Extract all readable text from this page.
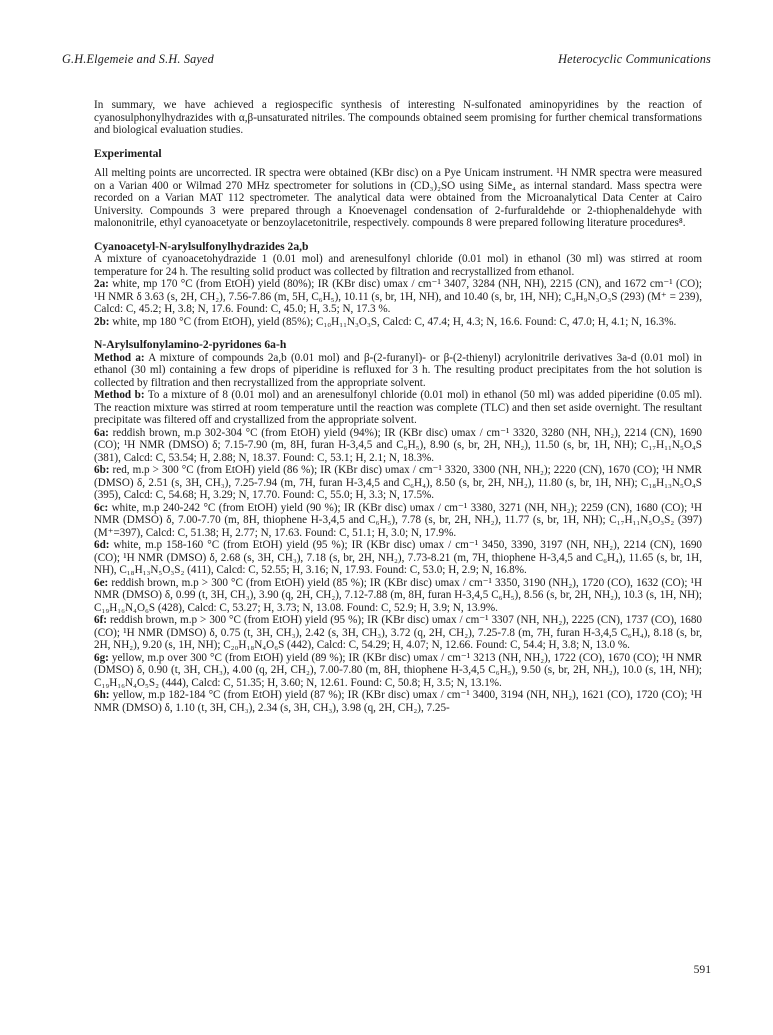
G.H.Elgemeie and S.H. Sayed	Heterocyclic Communications

In summary, we have achieved a regiospecific synthesis of interesting N-sulfonated aminopyridines by the reaction of cyanosulphonylhydrazides with α,β-unsaturated nitriles. The compounds obtained seem promising for further chemical transformations and biological evaluation studies.

Experimental

All melting points are uncorrected. IR spectra were obtained (KBr disc) on a Pye Unicam instrument. ¹H NMR spectra were measured on a Varian 400 or Wilmad 270 MHz spectrometer for solutions in (CD₃)₂SO using SiMe₄ as internal standard. Mass spectra were recorded on a Varian MAT 112 spectrometer. The analytical data were obtained from the Microanalytical Data Center at Cairo University. Compounds 3 were prepared through a Knoevenagel condensation of 2-furfuraldehde or 2-thiophenaldehyde with malononitrile, ethyl cyanoacetyate or benzoylacetonitrile, respectively. compounds 8 were prepared following literature procedures⁸.

Cyanoacetyl-N-arylsulfonylhydrazides 2a,b

A mixture of cyanoacetohydrazide 1 (0.01 mol) and arenesulfonyl chloride (0.01 mol) in ethanol (30 ml) was stirred at room temperature for 24 h. The resulting solid product was collected by filtration and recrystallized from ethanol.

2a: white, mp 170 °C (from EtOH) yield (80%); IR (KBr disc) υmax / cm⁻¹ 3407, 3284 (NH, NH), 2215 (CN), and 1672 cm⁻¹ (CO); ¹H NMR δ 3.63 (s, 2H, CH₂), 7.56-7.86 (m, 5H, C₆H₅), 10.11 (s, br, 1H, NH), and 10.40 (s, br, 1H, NH); C₉H₉N₃O₃S (293) (M⁺ = 239), Calcd: C, 45.2; H, 3.8; N, 17.6. Found: C, 45.0; H, 3.5; N, 17.3 %.

2b: white, mp 180 °C (from EtOH), yield (85%); C₁₀H₁₁N₃O₃S, Calcd: C, 47.4; H, 4.3; N, 16.6. Found: C, 47.0; H, 4.1; N, 16.3%.

N-Arylsulfonylamino-2-pyridones 6a-h

Method a: A mixture of compounds 2a,b (0.01 mol) and β-(2-furanyl)- or β-(2-thienyl) acrylonitrile derivatives 3a-d (0.01 mol) in ethanol (30 ml) containing a few drops of piperidine is refluxed for 3 h. The resulting product precipitates from the hot solution is collected by filtration and then recrystallized from the appropriate solvent.

Method b: To a mixture of 8 (0.01 mol) and an arenesulfonyl chloride (0.01 mol) in ethanol (50 ml) was added piperidine (0.05 ml). The reaction mixture was stirred at room temperature until the reaction was complete (TLC) and then set aside overnight. The resultant precipitate was filtered off and crystallized from the appropriate solvent.

6a: reddish brown, m.p 302-304 °C (from EtOH) yield (94%); IR (KBr disc) υmax / cm⁻¹ 3320, 3280 (NH, NH₂), 2214 (CN), 1690 (CO); ¹H NMR (DMSO) δ; 7.15-7.90 (m, 8H, furan H-3,4,5 and C₆H₅), 8.90 (s, br, 2H, NH₂), 11.50 (s, br, 1H, NH); C₁₇H₁₁N₅O₄S (381), Calcd: C, 53.54; H, 2.88; N, 18.37. Found: C, 53.1; H, 2.1; N, 18.3%.

6b: red, m.p > 300 °C (from EtOH) yield (86 %); IR (KBr disc) υmax / cm⁻¹ 3320, 3300 (NH, NH₂); 2220 (CN), 1670 (CO); ¹H NMR (DMSO) δ, 2.51 (s, 3H, CH₃), 7.25-7.94 (m, 7H, furan H-3,4,5 and C₆H₄), 8.50 (s, br, 2H, NH₂), 11.80 (s, br, 1H, NH); C₁₈H₁₃N₅O₄S (395), Calcd: C, 54.68; H, 3.29; N, 17.70. Found: C, 55.0; H, 3.3; N, 17.5%.

6c: white, m.p 240-242 °C (from EtOH) yield (90 %); IR (KBr disc) υmax / cm⁻¹ 3380, 3271 (NH, NH₂); 2259 (CN), 1680 (CO); ¹H NMR (DMSO) δ, 7.00-7.70 (m, 8H, thiophene H-3,4,5 and C₆H₅), 7.78 (s, br, 2H, NH₂), 11.77 (s, br, 1H, NH); C₁₇H₁₁N₅O₃S₂ (397) (M⁺=397), Calcd: C, 51.38; H, 2.77; N, 17.63. Found: C, 51.1; H, 3.0; N, 17.9%.

6d: white, m.p 158-160 °C (from EtOH) yield (95 %); IR (KBr disc) υmax / cm⁻¹ 3450, 3390, 3197 (NH, NH₂), 2214 (CN), 1690 (CO); ¹H NMR (DMSO) δ, 2.68 (s, 3H, CH₃), 7.18 (s, br, 2H, NH₂), 7.73-8.21 (m, 7H, thiophene H-3,4,5 and C₆H₄), 11.65 (s, br, 1H, NH), C₁₈H₁₃N₅O₃S₂ (411), Calcd: C, 52.55; H, 3.16; N, 17.93. Found: C, 53.0; H, 2.9; N, 16.8%.

6e: reddish brown, m.p > 300 °C (from EtOH) yield (85 %); IR (KBr disc) υmax / cm⁻¹ 3350, 3190 (NH₂), 1720 (CO), 1632 (CO); ¹H NMR (DMSO) δ, 0.99 (t, 3H, CH₃), 3.90 (q, 2H, CH₂), 7.12-7.88 (m, 8H, furan H-3,4,5 C₆H₅), 8.56 (s, br, 2H, NH₂), 10.3 (s, 1H, NH); C₁₉H₁₆N₄O₆S (428), Calcd: C, 53.27; H, 3.73; N, 13.08. Found: C, 52.9; H, 3.9; N, 13.9%.

6f: reddish brown, m.p > 300 °C (from EtOH) yield (95 %); IR (KBr disc) υmax / cm⁻¹ 3307 (NH, NH₂), 2225 (CN), 1737 (CO), 1680 (CO); ¹H NMR (DMSO) δ, 0.75 (t, 3H, CH₃), 2.42 (s, 3H, CH₃), 3.72 (q, 2H, CH₂), 7.25-7.8 (m, 7H, furan H-3,4,5 C₆H₄), 8.18 (s, br, 2H, NH₂), 9.20 (s, 1H, NH); C₂₀H₁₈N₄O₆S (442), Calcd: C, 54.29; H, 4.07; N, 12.66. Found: C, 54.4; H, 3.8; N, 13.0 %.

6g: yellow, m.p over 300 °C (from EtOH) yield (89 %); IR (KBr disc) υmax / cm⁻¹ 3213 (NH, NH₂), 1722 (CO), 1670 (CO); ¹H NMR (DMSO) δ, 0.90 (t, 3H, CH₃), 4.00 (q, 2H, CH₂), 7.00-7.80 (m, 8H, thiophene H-3,4,5 C₆H₅), 9.50 (s, br, 2H, NH₂), 10.0 (s, 1H, NH); C₁₉H₁₆N₄O₅S₂ (444), Calcd: C, 51.35; H, 3.60; N, 12.61. Found: C, 50.8; H, 3.5; N, 13.1%.

6h: yellow, m.p 182-184 °C (from EtOH) yield (87 %); IR (KBr disc) υmax / cm⁻¹ 3400, 3194 (NH, NH₂), 1621 (CO), 1720 (CO); ¹H NMR (DMSO) δ, 1.10 (t, 3H, CH₃), 2.34 (s, 3H, CH₃), 3.98 (q, 2H, CH₂), 7.25-

591
